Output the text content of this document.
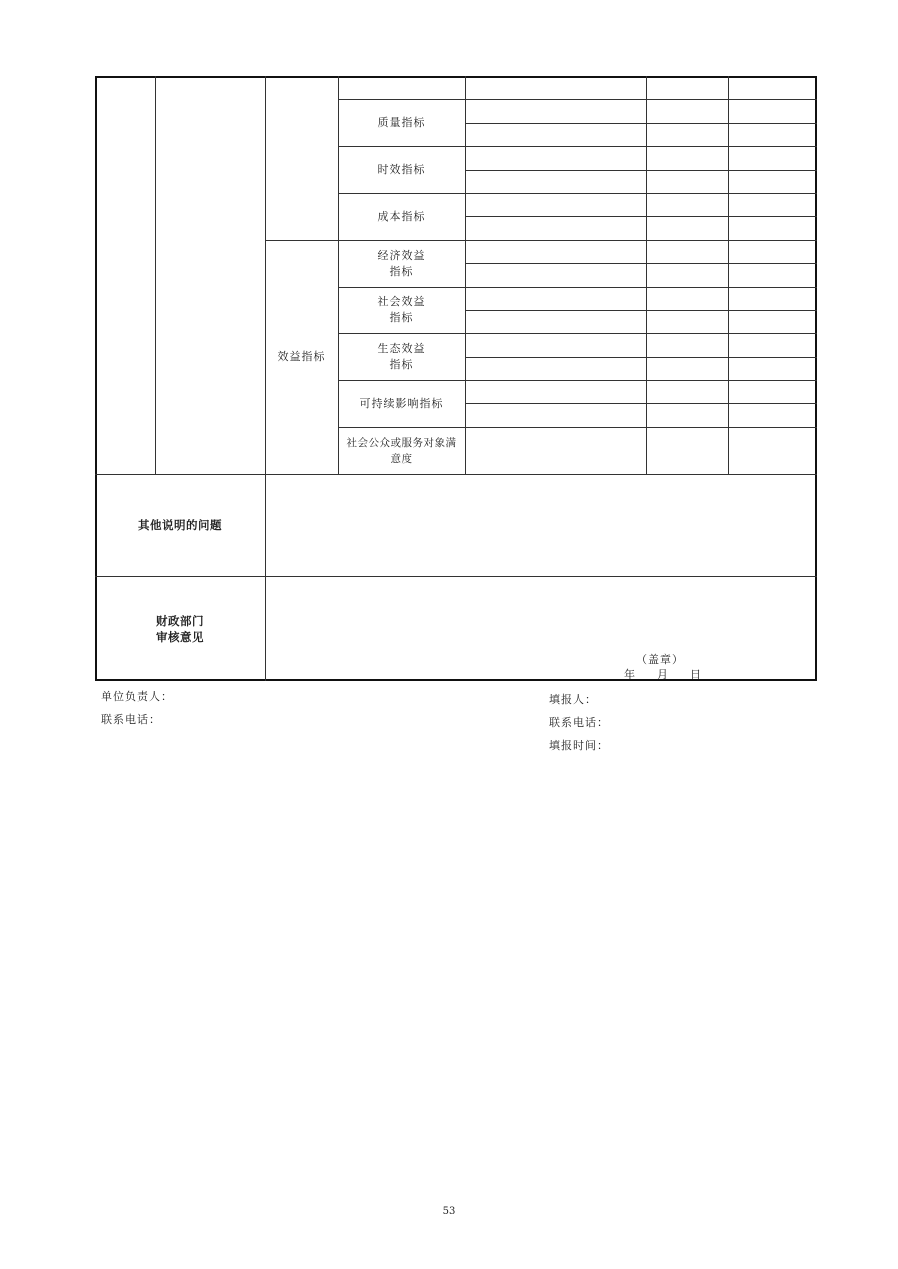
质量指标
时效指标
成本指标
经济效益
指标
社会效益
指标
生态效益
指标
可持续影响指标
社会公众或服务对象满
意度
效益指标
其他说明的问题
财政部门
审核意见
（盖章）
年 月 日
单位负责人：
联系电话：
填报人：
联系电话：
填报时间：
53
